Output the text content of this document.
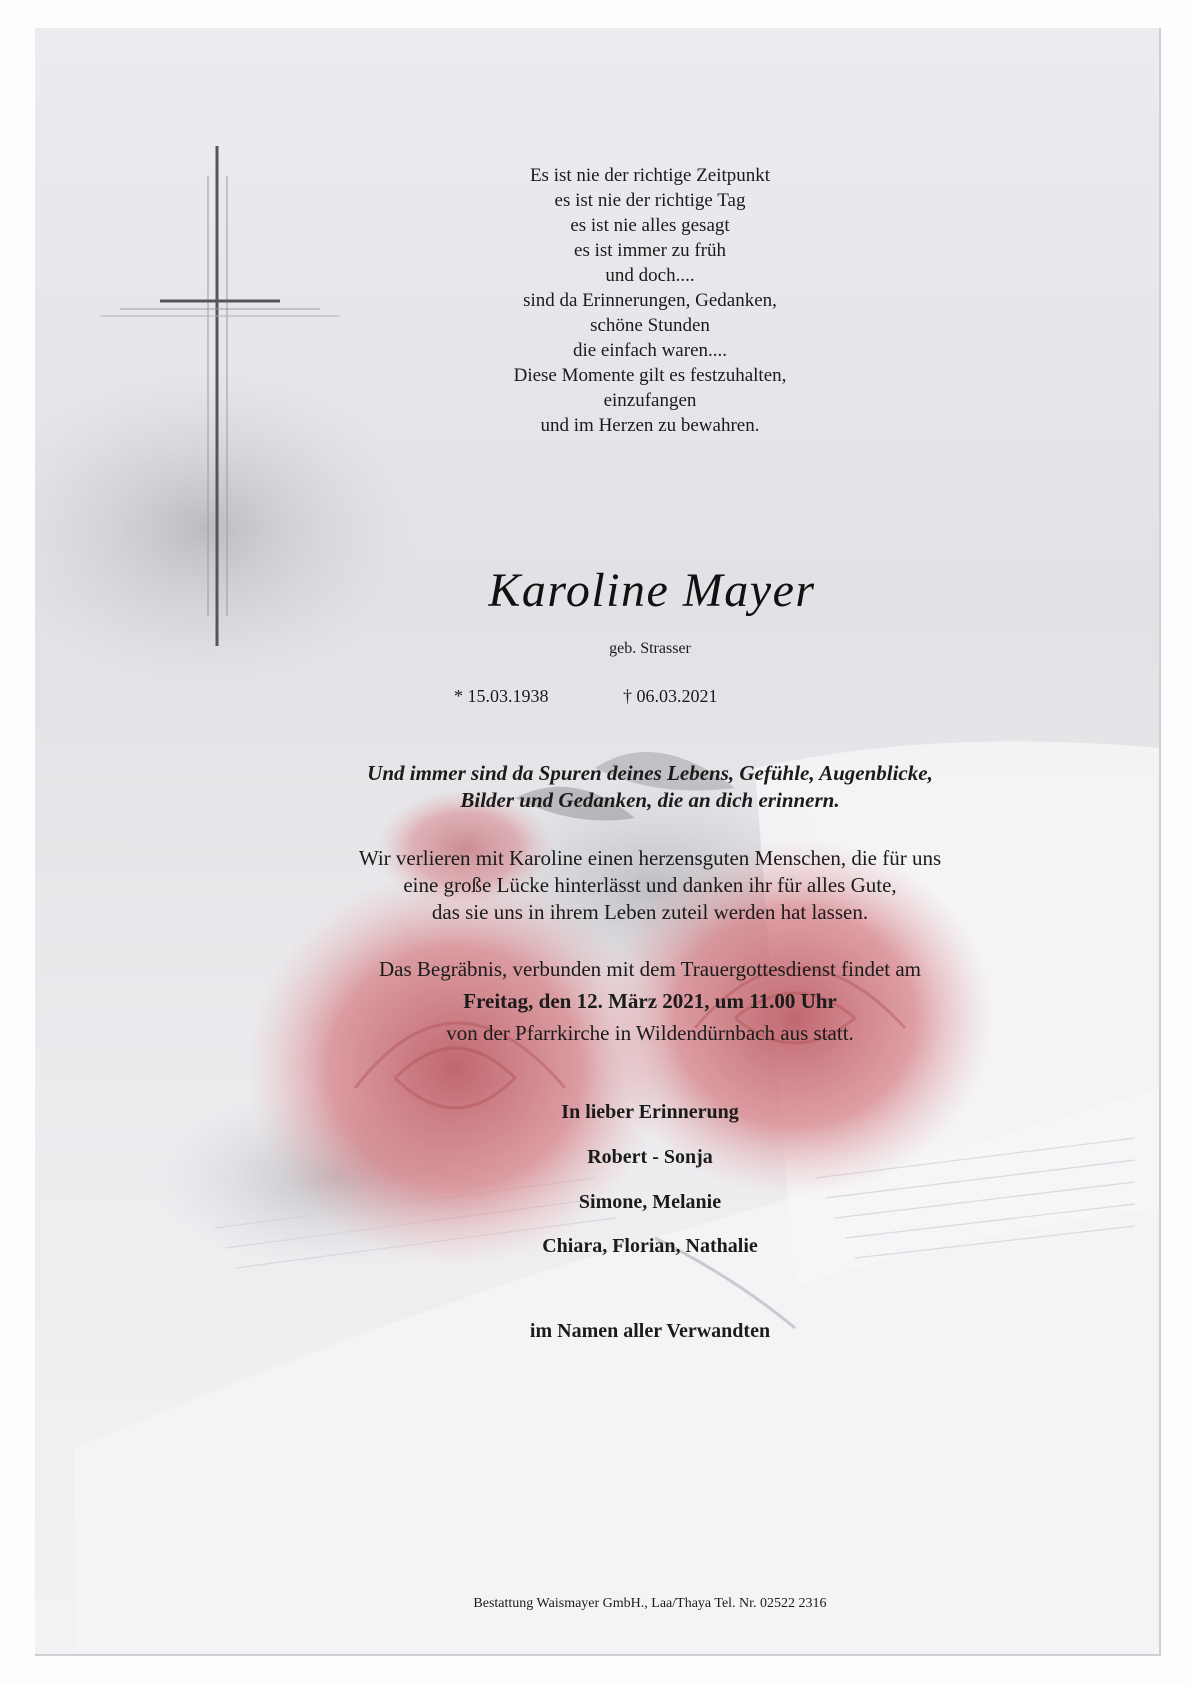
Es ist nie der richtige Zeitpunkt
es ist nie der richtige Tag
es ist nie alles gesagt
es ist immer zu früh
und doch....
sind da Erinnerungen, Gedanken,
schöne Stunden
die einfach waren....
Diese Momente gilt es festzuhalten,
einzufangen
und im Herzen zu bewahren.
Karoline Mayer
geb. Strasser
* 15.03.1938	† 06.03.2021
Und immer sind da Spuren deines Lebens, Gefühle, Augenblicke,
Bilder und Gedanken, die an dich erinnern.
Wir verlieren mit Karoline einen herzensguten Menschen, die für uns
eine große Lücke hinterlässt und danken ihr für alles Gute,
das sie uns in ihrem Leben zuteil werden hat lassen.
Das Begräbnis, verbunden mit dem Trauergottesdienst findet am
Freitag, den 12. März 2021, um 11.00 Uhr
von der Pfarrkirche in Wildendürnbach aus statt.
In lieber Erinnerung
Robert - Sonja
Simone, Melanie
Chiara, Florian, Nathalie
im Namen aller Verwandten
Bestattung Waismayer GmbH., Laa/Thaya Tel. Nr. 02522 2316
